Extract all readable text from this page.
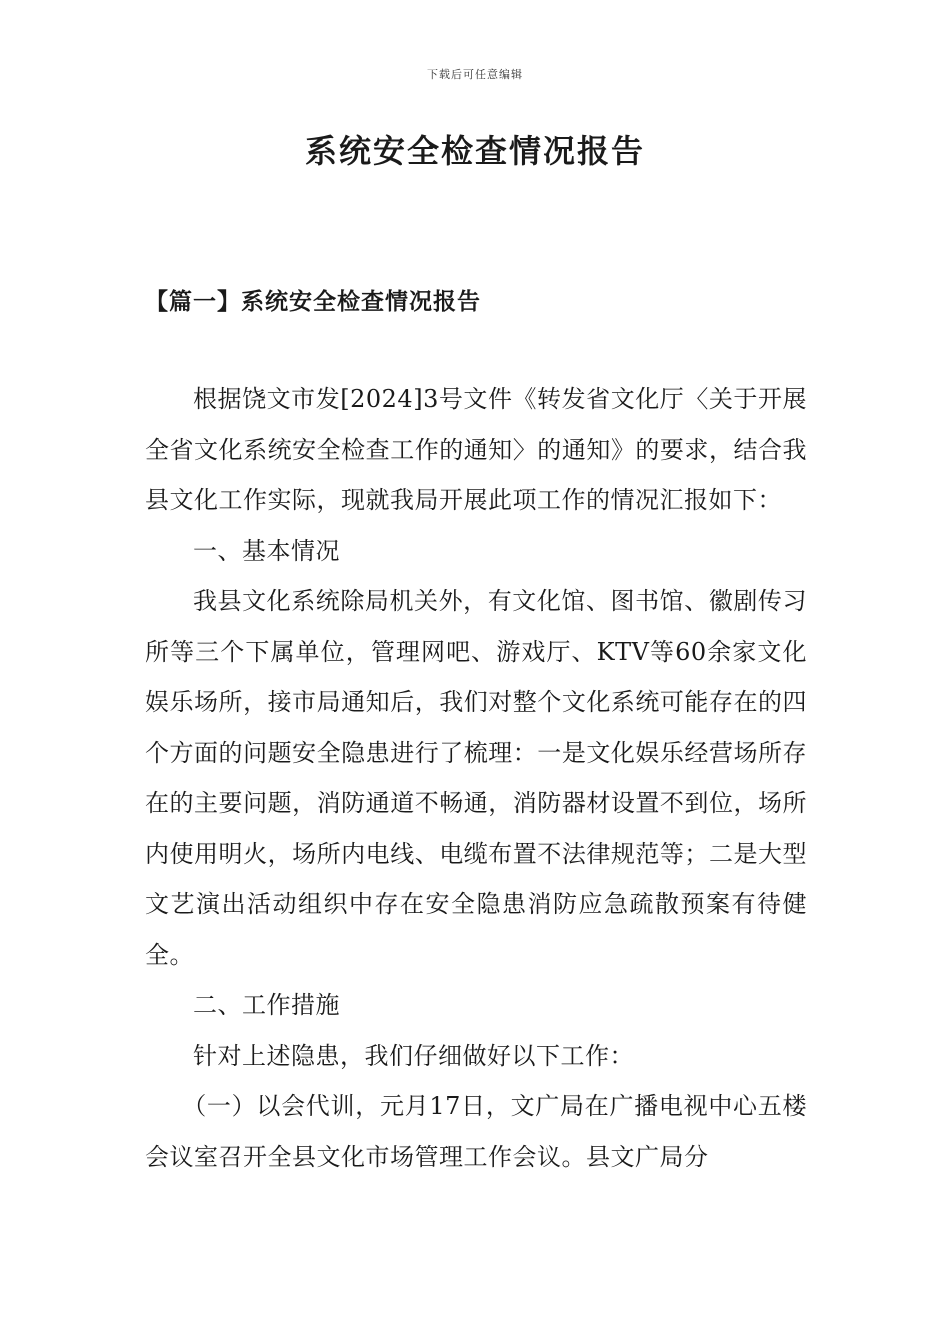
下载后可任意编辑
系统安全检查情况报告
【篇一】系统安全检查情况报告

根据饶文市发[2024]3号文件《转发省文化厅〈关于开展全省文化系统安全检查工作的通知〉的通知》的要求，结合我县文化工作实际，现就我局开展此项工作的情况汇报如下：

一、基本情况

我县文化系统除局机关外，有文化馆、图书馆、徽剧传习所等三个下属单位，管理网吧、游戏厅、KTV等60余家文化娱乐场所，接市局通知后，我们对整个文化系统可能存在的四个方面的问题安全隐患进行了梳理：一是文化娱乐经营场所存在的主要问题，消防通道不畅通，消防器材设置不到位，场所内使用明火，场所内电线、电缆布置不法律规范等；二是大型文艺演出活动组织中存在安全隐患消防应急疏散预案有待健全。

二、工作措施

针对上述隐患，我们仔细做好以下工作：

（一）以会代训，元月17日，文广局在广播电视中心五楼会议室召开全县文化市场管理工作会议。县文广局分
